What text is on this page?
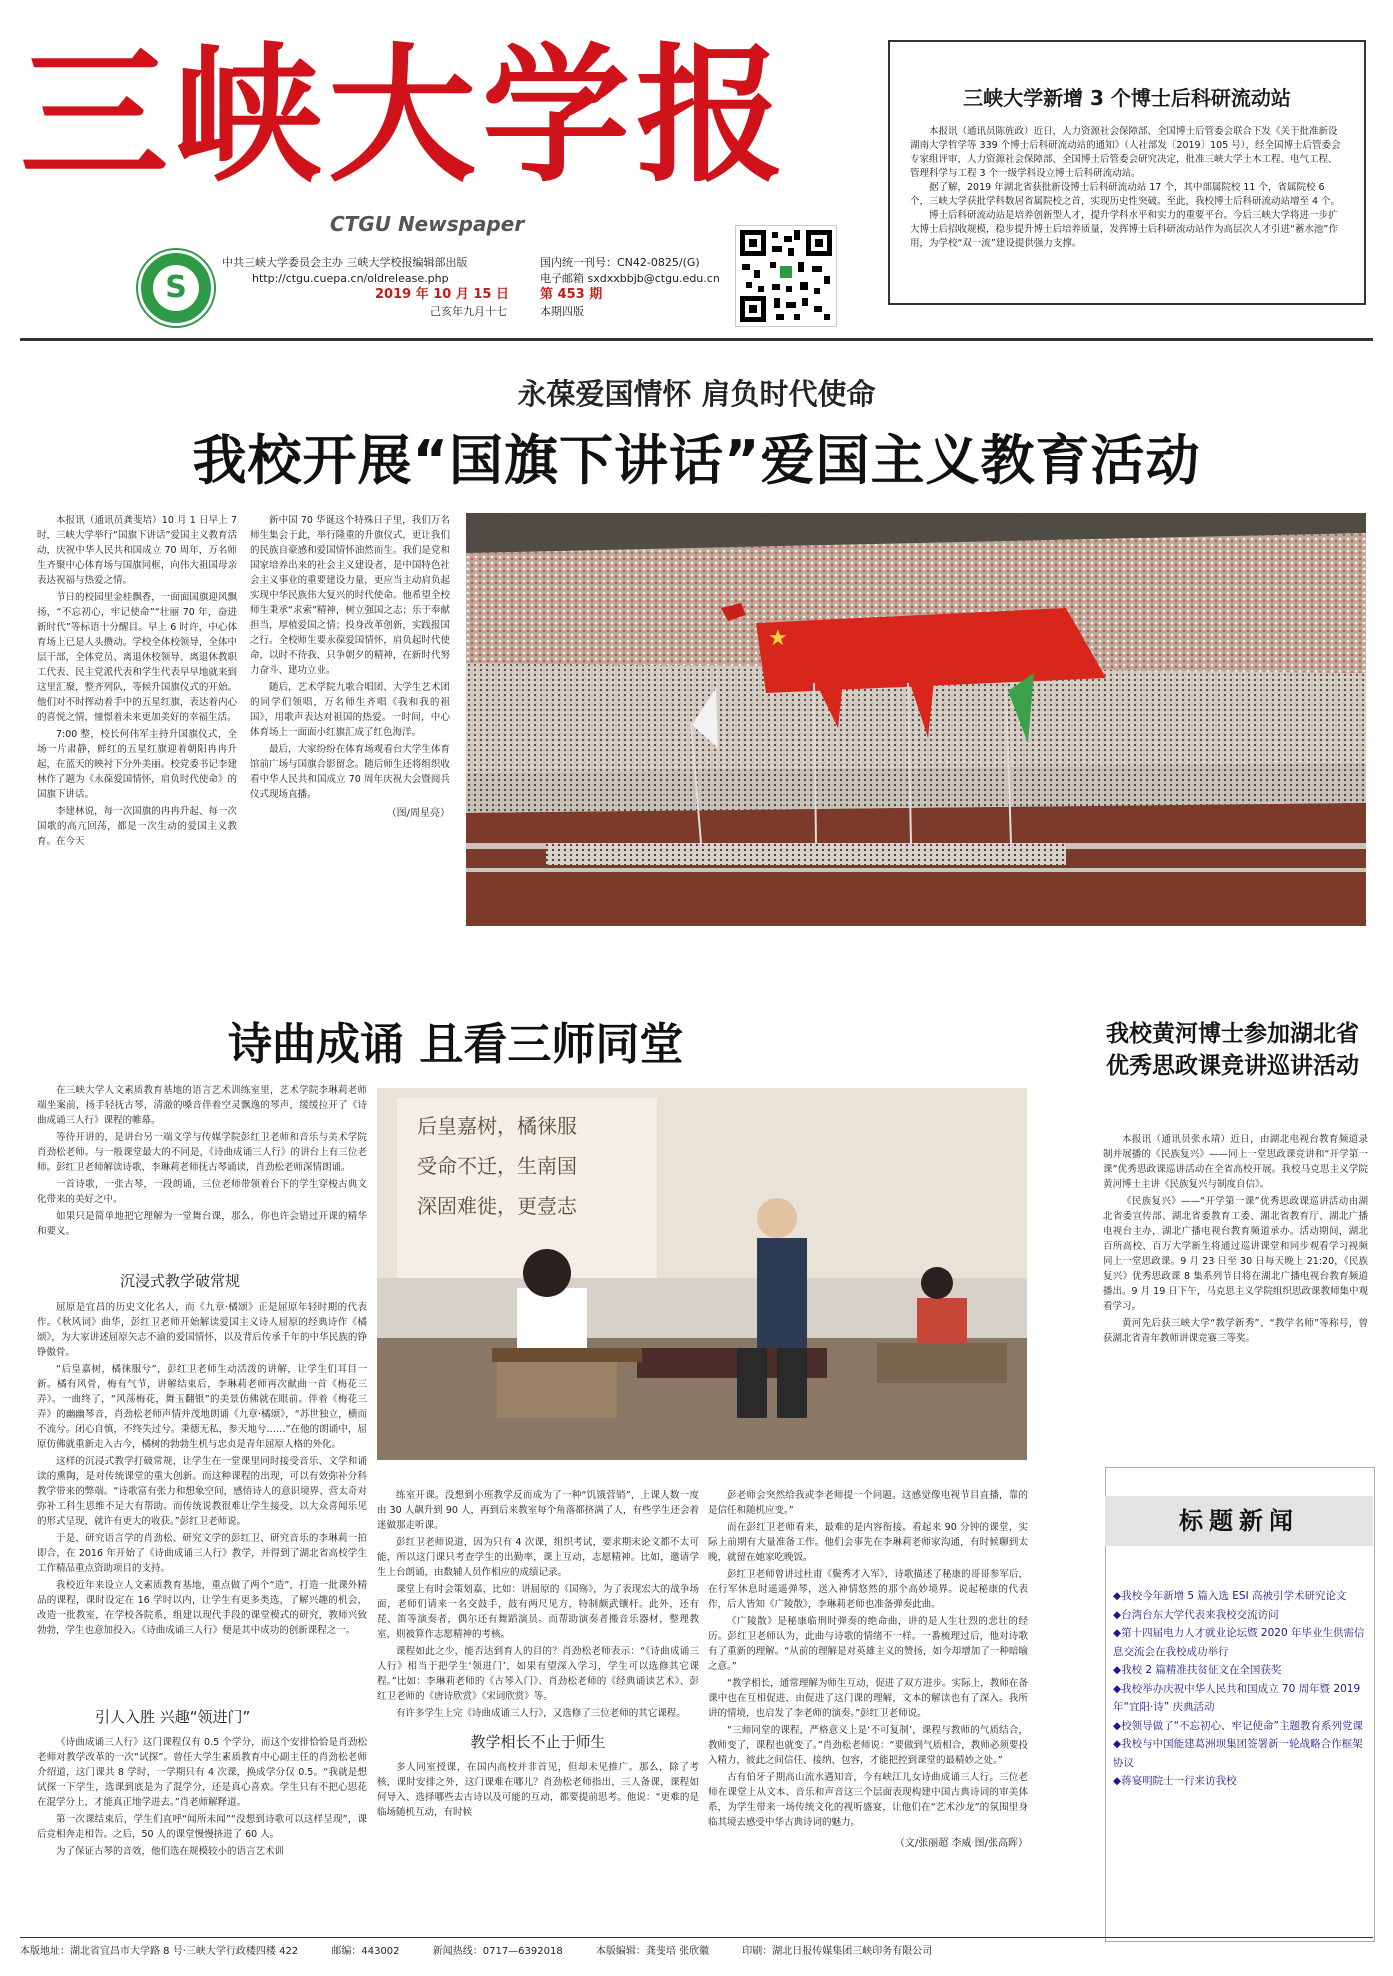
三峡大学报
CTGU Newspaper
S
中共三峡大学委员会主办 三峡大学校报编辑部出版	国内统一刊号：CN42-0825/(G)
http://ctgu.cuepa.cn/oldrelease.php	电子邮箱 sxdxxbbjb@ctgu.edu.cn
2019 年 10 月 15 日 第 453 期
己亥年九月十七	本期四版
三峡大学新增 3 个博士后科研流动站

本报讯（通讯员陈旌政）近日，人力资源社会保障部、全国博士后管委会联合下发《关于批准新设湖南大学哲学等 339 个博士后科研流动站的通知》（人社部发〔2019〕105 号），经全国博士后管委会专家组评审，人力资源社会保障部、全国博士后管委会研究决定，批准三峡大学土木工程、电气工程、管理科学与工程 3 个一级学科设立博士后科研流动站。

据了解，2019 年湖北省获批新设博士后科研流动站 17 个，其中部属院校 11 个，省属院校 6 个，三峡大学获批学科数居省属院校之首，实现历史性突破。至此，我校博士后科研流动站增至 4 个。

博士后科研流动站是培养创新型人才，提升学科水平和实力的重要平台。今后三峡大学将进一步扩大博士后招收规模，稳步提升博士后培养质量，发挥博士后科研流动站作为高层次人才引进“蓄水池”作用，为学校“双一流”建设提供强力支撑。

永葆爱国情怀 肩负时代使命
我校开展“国旗下讲话”爱国主义教育活动

本报讯（通讯员龚斐培）10 月 1 日早上 7 时，三峡大学举行“国旗下讲话”爱国主义教育活动，庆祝中华人民共和国成立 70 周年，万名师生齐聚中心体育场与国旗同框，向伟大祖国母亲表达祝福与热爱之情。

节日的校园里金桂飘香，一面面国旗迎风飘扬，“不忘初心，牢记使命”“壮丽 70 年，奋进新时代”等标语十分醒目。早上 6 时许，中心体育场上已是人头攒动。学校全体校领导，全体中层干部，全体党员、离退休校领导、离退休教职工代表、民主党派代表和学生代表早早地就来到这里汇聚，整齐列队，等候升国旗仪式的开始。他们对不时挥动着手中的五星红旗，表达着内心的喜悦之情，憧憬着未来更加美好的幸福生活。

7:00 整，校长何伟军主持升国旗仪式，全场一片肃静，鲜红的五星红旗迎着朝阳冉冉升起，在蓝天的映衬下分外美丽。校党委书记李建林作了题为《永葆爱国情怀，肩负时代使命》的国旗下讲话。

李建林说，每一次国旗的冉冉升起、每一次国歌的高亢回荡，都是一次生动的爱国主义教育。在今天

新中国 70 华诞这个特殊日子里，我们万名师生集会于此，举行隆重的升旗仪式，更让我们的民族自豪感和爱国情怀油然而生。我们是党和国家培养出来的社会主义建设者，是中国特色社会主义事业的重要建设力量，更应当主动肩负起实现中华民族伟大复兴的时代使命。他希望全校师生秉承“求索”精神，树立强国之志；乐于奉献担当，厚植爱国之情；投身改革创新，实践报国之行。全校师生要永葆爱国情怀，肩负起时代使命，以时不待我、只争朝夕的精神，在新时代努力奋斗、建功立业。

随后，艺术学院九歌合唱团、大学生艺术团的同学们领唱，万名师生齐唱《我和我的祖国》，用歌声表达对祖国的热爱。一时间，中心体育场上一面面小红旗汇成了红色海洋。

最后，大家纷纷在体育场观看台大学生体育馆前广场与国旗合影留念。随后师生还将组织收看中华人民共和国成立 70 周年庆祝大会暨阅兵仪式现场直播。

（图/周星亮）
★
诗曲成诵 且看三师同堂

在三峡大学人文素质教育基地的语言艺术训练室里，艺术学院李琳莉老师端坐案前，扬手轻抚古琴，清澈的嗓音伴着空灵飘逸的琴声，缓缓拉开了《诗曲成诵三人行》课程的帷幕。

等待开讲的，是讲台另一端文学与传媒学院彭红卫老师和音乐与美术学院肖劲松老师。与一般课堂最大的不同是，《诗曲成诵三人行》的讲台上有三位老师。彭红卫老师解读诗歌，李琳莉老师抚古琴诵读，肖劲松老师深情朗诵。

一首诗歌，一张古琴，一段朗诵，三位老师带领着台下的学生穿梭古典文化带来的美好之中。

如果只是简单地把它理解为一堂舞台课，那么，你也许会错过开课的精华和要义。

沉浸式教学破常规

屈原是宜昌的历史文化名人，而《九章·橘颂》正是屈原年轻时期的代表作。《秋风词》曲华，彭红卫老师开始解读爱国主义诗人屈原的经典诗作《橘颂》，为大家讲述屈原矢志不渝的爱国情怀，以及背后传承千年的中华民族的铮铮傲骨。

“后皇嘉树，橘徕服兮”，彭红卫老师生动活泼的讲解，让学生们耳目一新。橘有风骨，梅有气节，讲解结束后，李琳莉老师再次献曲一首《梅花三弄》。一曲终了，“风荡梅花，舞玉翻银”的美景仿佛就在眼前。伴着《梅花三弄》的幽幽琴音，肖劲松老师声情并茂地朗诵《九章·橘颂》，“苏世独立，横而不流兮。闭心自慎，不终失过兮。秉德无私，参天地兮……”在他的朗诵中，屈原仿佛就重新走入古今，橘树的勃勃生机与忠贞是青年屈原人格的外化。

这样的沉浸式教学打破常规，让学生在一堂课里同时接受音乐、文学和诵读的熏陶，是对传统课堂的重大创新。而这种课程的出现，可以有效弥补分科教学带来的弊端。“诗歌富有张力和想象空间，感悟诗人的意识境界、营太奇对弥补工科生思维不足大有帮助。而传统说教很难让学生接受，以大众喜闻乐见的形式呈现，就许有更大的收获。”彭红卫老师说。

于是，研究语言学的肖劲松、研究文学的彭红卫、研究音乐的李琳莉一拍即合，在 2016 年开始了《诗曲成诵三人行》教学，并得到了湖北省高校学生工作精品重点资助项目的支持。

我校近年来设立人文素质教育基地，重点做了两个“造”，打造一批课外精品的课程，课时设定在 16 学时以内，让学生有更多类选，了解兴趣的机会，改造一批教室，在学校各院系，组建以现代手段的课堂模式的研究，教师兴致勃勃，学生也意加投入。《诗曲成诵三人行》便是其中成功的创新课程之一。

引人入胜 兴趣“领进门”

《诗曲成诵三人行》这门课程仅有 0.5 个学分，而这个安排恰恰是肖劲松老师对教学改革的一次“试探”。曾任大学生素质教育中心副主任的肖劲松老师介绍道，这门课共 8 学时，一学期只有 4 次课，换成学分仅 0.5。“我就是想试探一下学生，选课到底是为了混学分，还是真心喜欢。学生只有不把心思花在混学分上，才能真正地学进去。”肖老师解释道。

第一次课结束后，学生们直呼“闻所未闻”“没想到诗歌可以这样呈现”，课后竞相奔走相告。之后，50 人的课堂慢慢挤进了 60 人。

为了保证古琴的音效，他们选在规模较小的语言艺术训

后皇嘉树，橘徕服
受命不迁，生南国
深固难徙，更壹志

练室开课。没想到小班教学反而成为了一种“饥饿营销”，上课人数一度由 30 人飙升到 90 人，再到后来教室每个角落都挤满了人，有些学生还会着迷做那走听课。

彭红卫老师说道，因为只有 4 次课，组织考试，要求期末论文都不太可能，所以这门课只考查学生的出勤率，课上互动，志愿精神。比如，邀请学生上台朗诵，由数辅人员作相应的成绩记录。

课堂上有时会策划嘉，比如：讲屈原的《国殇》，为了表现宏大的战争场面，老师们请来一名交鼓手，鼓有两尺见方，特制颇武镶杆。此外，还有琵、笛等演奏者，偶尔还有舞蹈演员。而帮助演奏者搬音乐器材，整理教室，则被算作志愿精神的考核。

课程如此之少，能否达到育人的目的？肖劲松老师表示：“《诗曲成诵三人行》相当于把学生‘领进门’，如果有望深入学习，学生可以选修其它课程。”比如：李琳莉老师的《古琴入门》、肖劲松老师的《经典诵读艺术》、彭红卫老师的《唐诗欣赏》《宋词欣赏》等。

有许多学生上完《诗曲成诵三人行》，又选修了三位老师的其它课程。

教学相长不止于师生

多人同室授课，在国内高校并非首见，但却未见推广。那么，除了考核，课时安排之外，这门课难在哪儿？肖劲松老师指出，三人备课，课程如何导入、选择哪些去古诗以及可能的互动，都要提前思考。他说：“更难的是临场随机互动，有时候

彭老师会突然给我或李老师提一个问题。这感觉像电视节目直播，靠的是信任和随机应变。”

而在彭红卫老师看来，最难的是内容衔接。看起来 90 分钟的课堂，实际上前期有大量准备工作。他们会事先在李琳莉老师家沟通，有时候聊到太晚，就留在她家吃晚饭。

彭红卫老师曾讲过杜甫《鬓秀才入军》，诗歌描述了秘康的哥哥参军后，在行军休息时遥遥弹琴，送入神情悠然的那个高妙境界。说起秘康的代表作，后人皆知《广陵散》，李琳莉老师也准备弹奏此曲。

《广陵散》是秘康临刑时弹奏的绝命曲，讲的是人生壮烈的悲壮的经历。彭红卫老师认为，此曲与诗歌的情绪不一样。一番梳理过后，他对诗歌有了重新的理解。“从前的理解是对英雄主义的赞扬，如今却增加了一种暗喻之意。”

“教学相长，通常理解为师生互动，促进了双方进步。实际上，教师在备课中也在互相促进，由促进了这门课的理解，文本的解读也有了深入。我所讲的情境，也启发了李老师的演奏。”彭红卫老师说。

“三师同堂的课程，严格意义上是‘不可复制’，课程与教师的气质结合，教师变了，课程也就变了。”肖劲松老师说：“要做到气质相合，教师必须要投入精力，彼此之间信任、接纳、包容，才能把控到课堂的最精妙之处。”

古有伯牙子期高山流水遇知音，今有峡江儿女诗曲成诵三人行。三位老师在课堂上从文本、音乐和声音这三个层面表现构建中国古典诗词的审美体系，为学生带来一场传统文化的视听盛宴，让他们在“艺术沙龙”的氛围里身临其境去感受中华古典诗词的魅力。

（文/张丽超 李威 图/张高晖）
我校黄河博士参加湖北省优秀思政课竞讲巡讲活动

本报讯（通讯员张永靖）近日，由湖北电视台教育频道录制并展播的《民族复兴》——同上一堂思政课竞讲和“开学第一课”优秀思政课巡讲活动在全省高校开展。我校马克思主义学院黄河博士主讲《民族复兴与制度自信》。

《民族复兴》——“开学第一课”优秀思政课巡讲活动由湖北省委宣传部、湖北省委教育工委、湖北省教育厅、湖北广播电视台主办，湖北广播电视台教育频道承办。活动期间，湖北百所高校、百万大学新生将通过巡讲课堂和同步观看学习视频同上一堂思政课。9 月 23 日至 30 日每天晚上 21:20，《民族复兴》优秀思政课 8 集系列节目将在湖北广播电视台教育频道播出。9 月 19 日下午，马克思主义学院组织思政课教师集中观看学习。

黄河先后获三峡大学“教学新秀”、“教学名师”等称号，曾获湖北省青年教师讲课竞赛三等奖。

标题新闻
◆我校今年新增 5 篇入选 ESI 高被引学术研究论文
◆台湾台东大学代表来我校交流访问
◆第十四届电力人才就业论坛暨 2020 年毕业生供需信息交流会在我校成功举行
◆我校 2 篇精准扶贫征文在全国获奖
◆我校举办庆祝中华人民共和国成立 70 周年暨 2019 年“宜阳·诗” 庆典活动
◆校领导做了“不忘初心、牢记使命”主题教育系列党课
◆我校与中国能建葛洲坝集团签署新一轮战略合作框架协议
◆蒋宴明院士一行来访我校
本版地址：湖北省宜昌市大学路 8 号·三峡大学行政楼四楼 422	邮编：443002	新闻热线：0717—6392018	本版编辑：龚斐培 张欣徽	印刷：湖北日报传媒集团三峡印务有限公司
